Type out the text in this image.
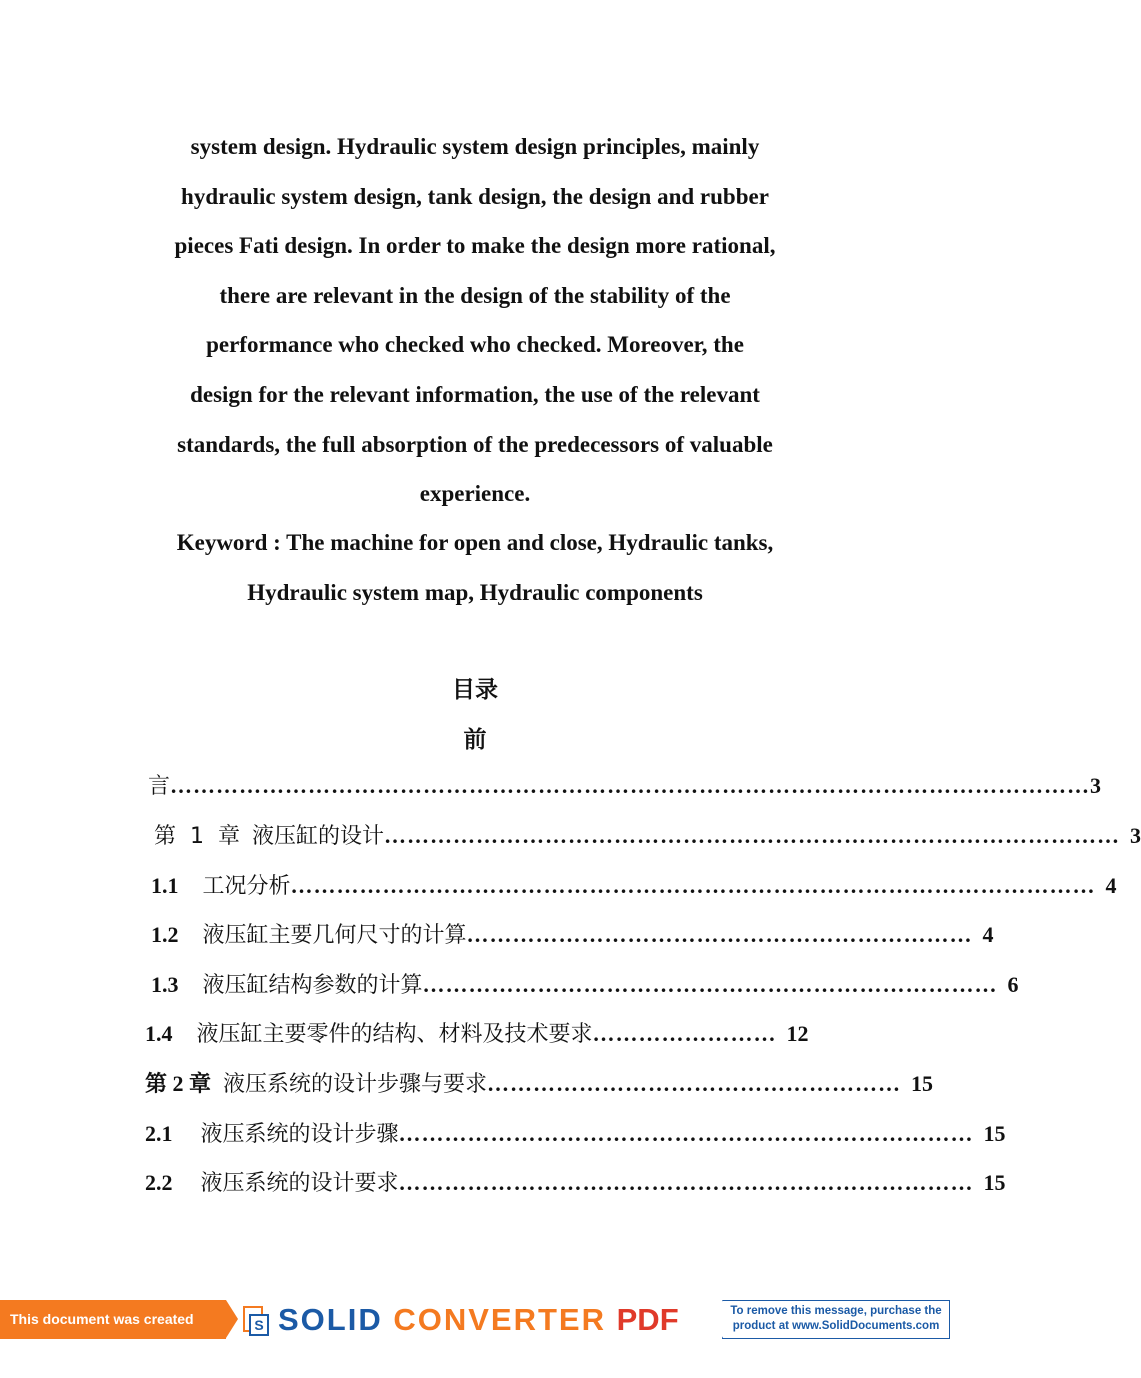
system design. Hydraulic system design principles, mainly
hydraulic system design, tank design, the design and rubber
pieces Fati design. In order to make the design more rational,
there are relevant in the design of the stability of the
performance who checked who checked. Moreover, the
design for the relevant information, the use of the relevant
standards, the full absorption of the predecessors of valuable
experience.
Keyword : The machine for open and close, Hydraulic tanks,
Hydraulic system map, Hydraulic components
目录
前
言 ………………………………………………………………………………………………………… 3
第  1  章 液压缸的设计 …………………………………………………………………………………… 3
1.1 工况分析 …………………………………………………………………………………………… 4
1.2 液压缸主要几何尺寸的计算 ………………………………………………………… 4
1.3 液压缸结构参数的计算 ………………………………………………………………… 6
1.4 液压缸主要零件的结构、材料及技术要求 …………………… 12
第 2 章 液压系统的设计步骤与要求 ……………………………………………… 15
2.1 液压系统的设计步骤 ………………………………………………………………… 15
2.2 液压系统的设计要求 ………………………………………………………………… 15
This document was created using
S SOLID CONVERTER PDF	To remove this message, purchase the
product at www.SolidDocuments.com
